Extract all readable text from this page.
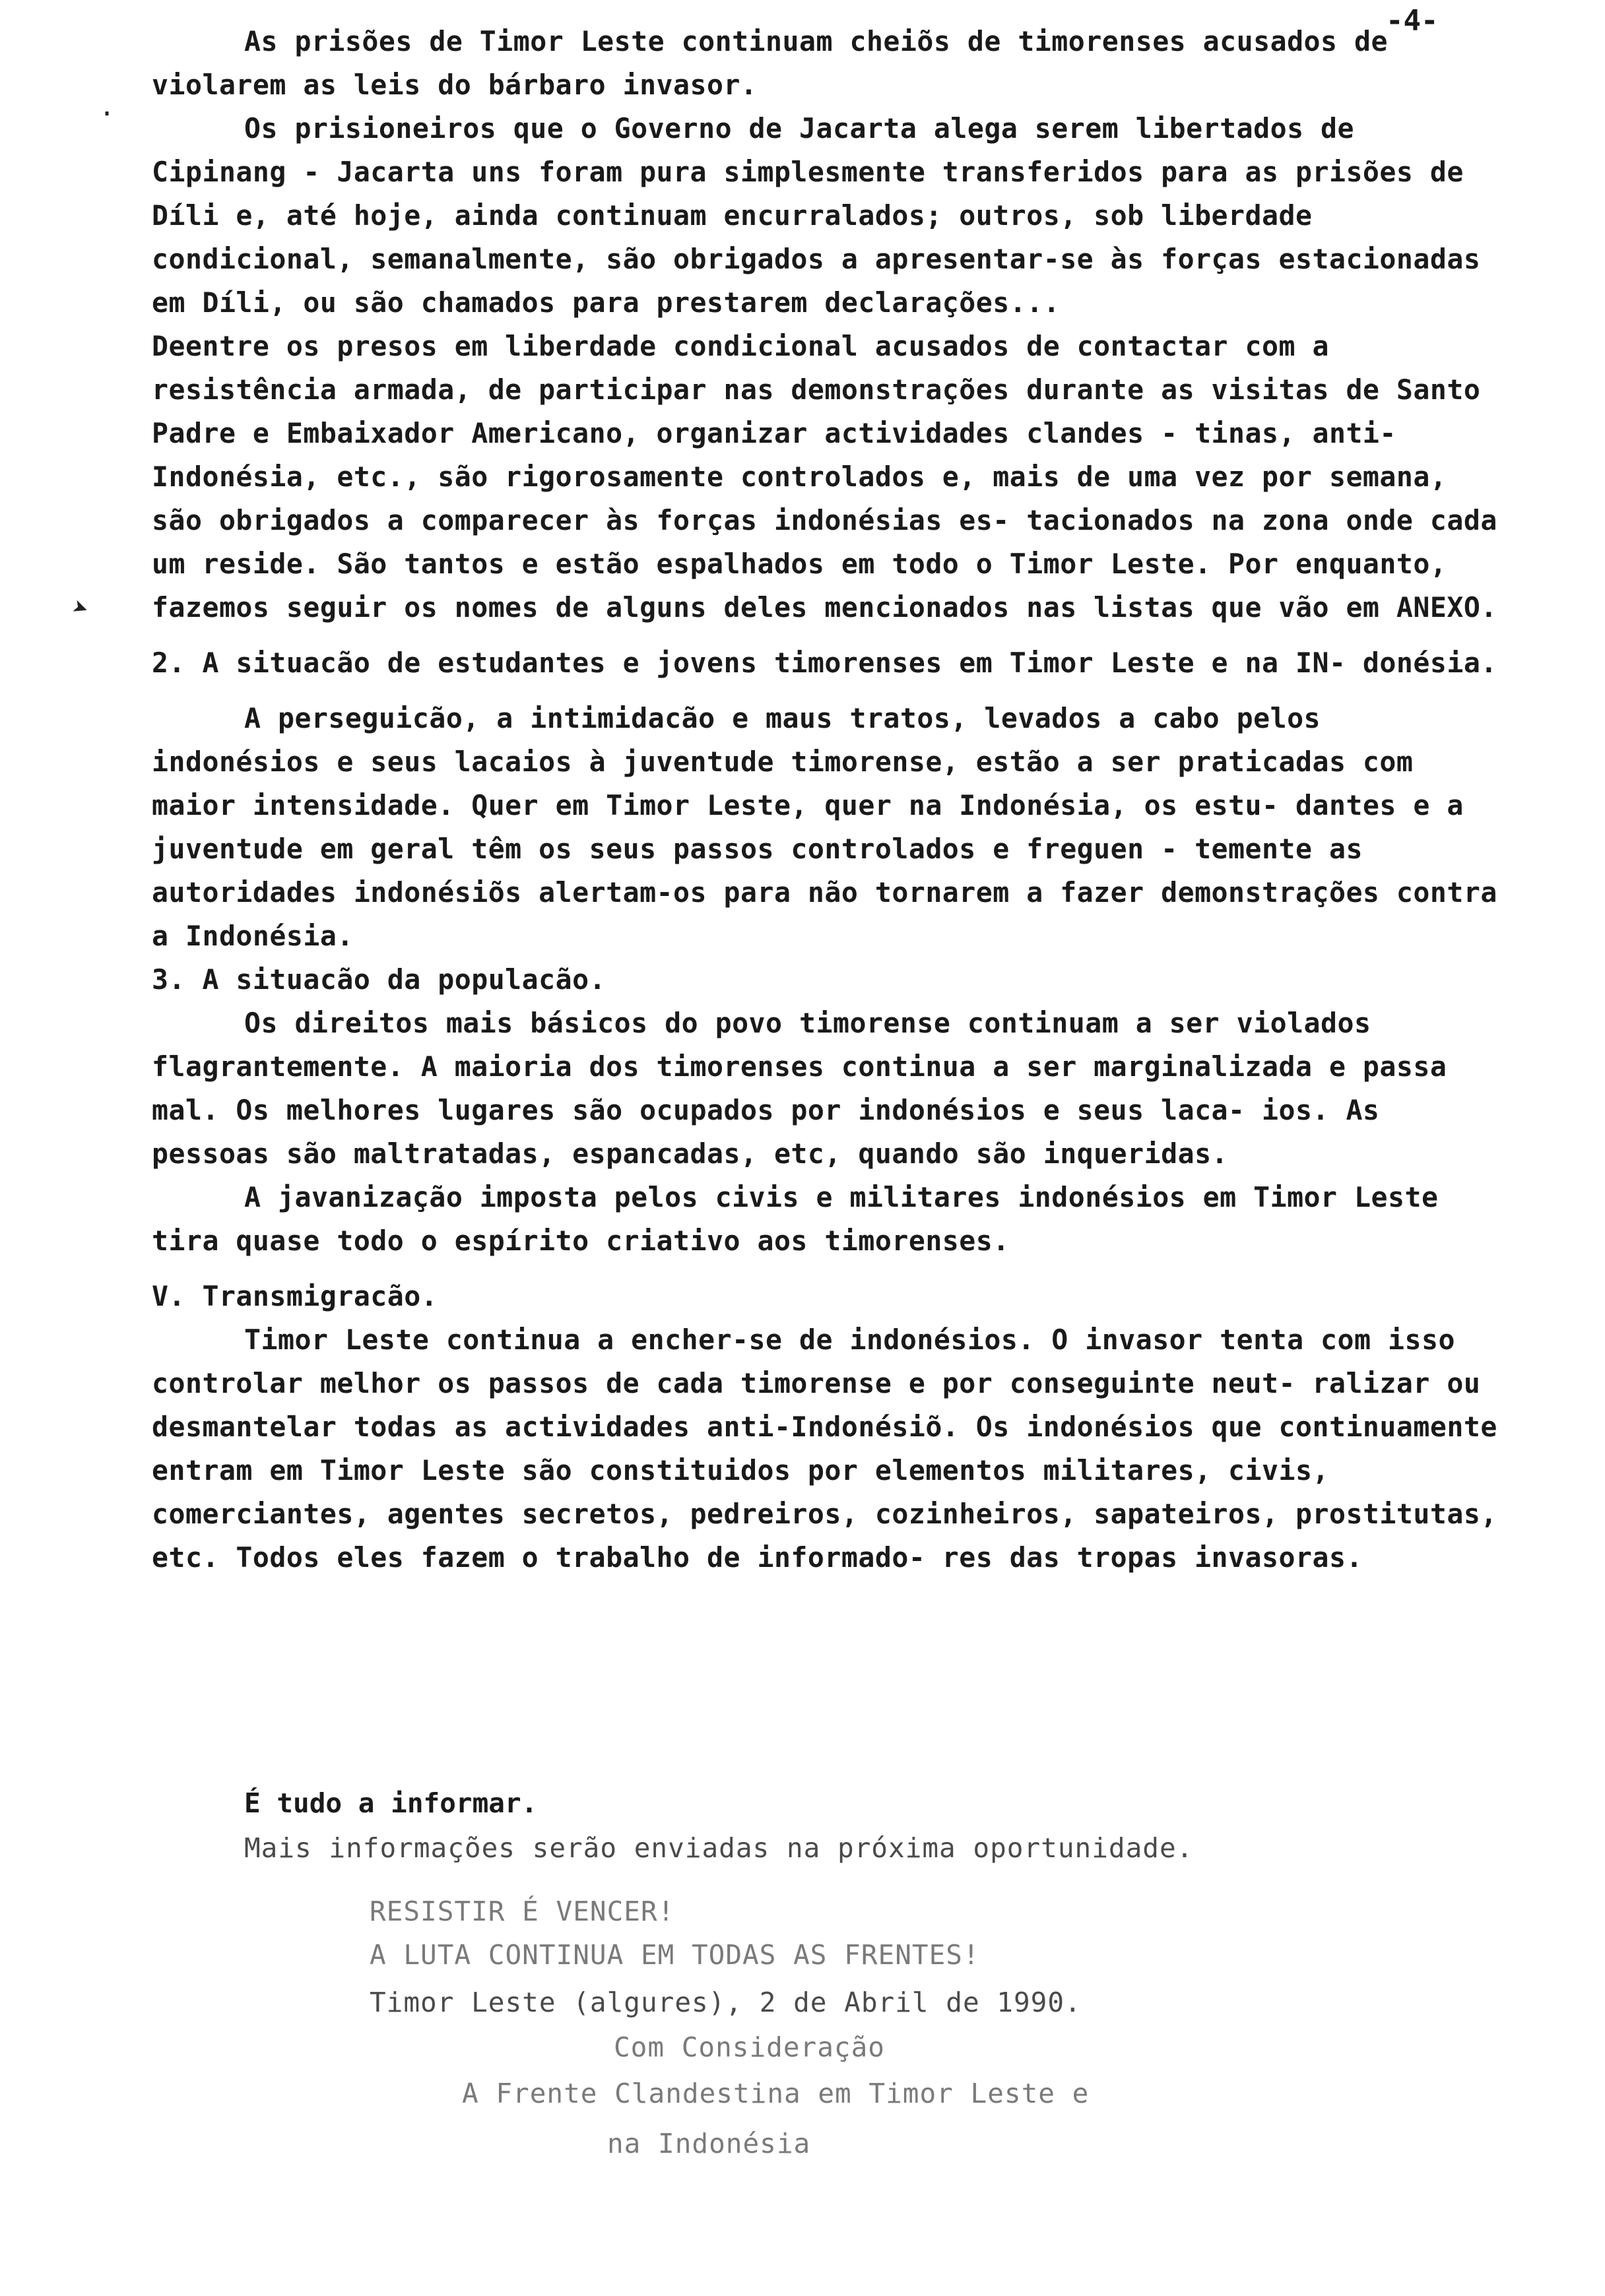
-4-

As prisões de Timor Leste continuam cheiõs de timorenses acusados de violarem as leis do bárbaro invasor.

Os prisioneiros que o Governo de Jacarta alega serem libertados de Cipinang - Jacarta uns foram pura simplesmente transferidos para as prisões de Díli e, até hoje, ainda continuam encurralados; outros, sob liberdade condicional, semanalmente, são obrigados a apresentar-se às forças estacionadas em Díli, ou são chamados para prestarem declarações...

Deentre os presos em liberdade condicional acusados de contactar com a resistência armada, de participar nas demonstrações durante as visitas de Santo Padre e Embaixador Americano, organizar actividades clandes - tinas, anti-Indonésia, etc., são rigorosamente controlados e, mais de uma vez por semana, são obrigados a comparecer às forças indonésias es- tacionados na zona onde cada um reside. São tantos e estão espalhados em todo o Timor Leste. Por enquanto, fazemos seguir os nomes de alguns deles mencionados nas listas que vão em ANEXO.

2. A situacão de estudantes e jovens timorenses em Timor Leste e na IN- donésia.

A perseguicão, a intimidacão e maus tratos, levados a cabo pelos indonésios e seus lacaios à juventude timorense, estão a ser praticadas com maior intensidade. Quer em Timor Leste, quer na Indonésia, os estu- dantes e a juventude em geral têm os seus passos controlados e freguen - temente as autoridades indonésiõs alertam-os para não tornarem a fazer demonstrações contra a Indonésia.

3. A situacão da populacão.

Os direitos mais básicos do povo timorense continuam a ser violados flagrantemente. A maioria dos timorenses continua a ser marginalizada e passa mal. Os melhores lugares são ocupados por indonésios e seus laca- ios. As pessoas são maltratadas, espancadas, etc, quando são inqueridas.

A javanização imposta pelos civis e militares indonésios em Timor Leste tira quase todo o espírito criativo aos timorenses.

V. Transmigracão.

Timor Leste continua a encher-se de indonésios. O invasor tenta com isso controlar melhor os passos de cada timorense e por conseguinte neut- ralizar ou desmantelar todas as actividades anti-Indonésiõ. Os indonésios que continuamente entram em Timor Leste são constituidos por elementos militares, civis, comerciantes, agentes secretos, pedreiros, cozinheiros, sapateiros, prostitutas, etc. Todos eles fazem o trabalho de informado- res das tropas invasoras.

É tudo a informar.
Mais informações serão enviadas na próxima oportunidade.
RESISTIR É VENCER!
A LUTA CONTINUA EM TODAS AS FRENTES!
Timor Leste (algures), 2 de Abril de 1990.
Com Consideração
A Frente Clandestina em Timor Leste e
na Indonésia
➤
·
